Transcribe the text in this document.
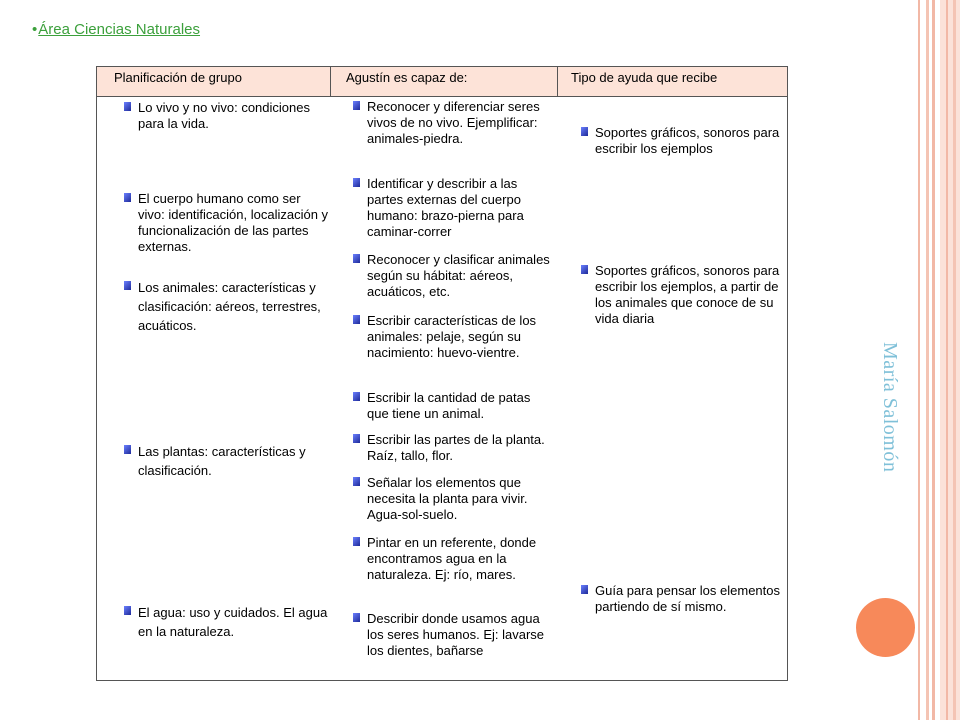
María Salomón
•Área Ciencias Naturales
Planificación de grupo	Agustín es capaz de:	Tipo de ayuda que recibe
Lo vivo y no vivo: condiciones para la vida.
El cuerpo humano como ser vivo: identificación, localización y funcionalización de las partes externas.
Los animales: características y clasificación: aéreos, terrestres, acuáticos.
Las plantas: características y clasificación.
El agua: uso y cuidados. El agua en la naturaleza.
Reconocer y diferenciar seres vivos de no vivo. Ejemplificar: animales-piedra.
Identificar y describir a las partes externas del cuerpo humano: brazo-pierna para caminar-correr
Reconocer y clasificar animales según su hábitat: aéreos, acuáticos, etc.
Escribir características de los animales: pelaje, según su nacimiento: huevo-vientre.
Escribir la cantidad de patas que tiene un animal.
Escribir las partes de la planta. Raíz, tallo, flor.
Señalar los elementos que necesita la planta para vivir. Agua-sol-suelo.
Pintar en un referente, donde encontramos agua en la naturaleza. Ej: río, mares.
Describir donde usamos agua los seres humanos. Ej: lavarse los dientes, bañarse
Soportes gráficos, sonoros para escribir los ejemplos
Soportes gráficos, sonoros para escribir los ejemplos, a partir de los animales que conoce de su vida diaria
Guía para pensar los elementos partiendo de sí mismo.
